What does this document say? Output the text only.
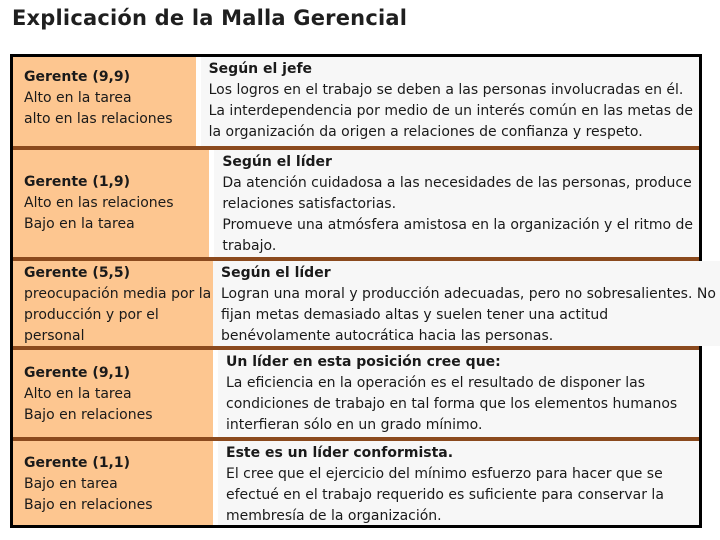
Explicación de la Malla Gerencial
Gerente (9,9)
Alto en la tarea
alto en las relaciones
Según el jefe
Los logros en el trabajo se deben a las personas involucradas en él.
La interdependencia por medio de un interés común en las metas de
la organización da origen a relaciones de confianza y respeto.
Gerente (1,9)
Alto en las relaciones
Bajo en la tarea
Según el líder
Da atención cuidadosa a las necesidades de las personas, produce
relaciones satisfactorias.
Promueve una atmósfera amistosa en la organización y el ritmo de
trabajo.
Gerente (5,5)
preocupación media por la
producción y por el
personal
Según el líder
Logran una moral y producción adecuadas, pero no sobresalientes. No
fijan metas demasiado altas y suelen tener una actitud
benévolamente autocrática hacia las personas.
Gerente (9,1)
Alto en la tarea
Bajo en relaciones
Un líder en esta posición cree que:
La eficiencia en la operación es el resultado de disponer las
condiciones de trabajo en tal forma que los elementos humanos
interfieran sólo en un grado mínimo.
Gerente (1,1)
Bajo en tarea
Bajo en relaciones
Este es un líder conformista.
El cree que el ejercicio del mínimo esfuerzo para hacer que se
efectué en el trabajo requerido es suficiente para conservar la
membresía de la organización.
